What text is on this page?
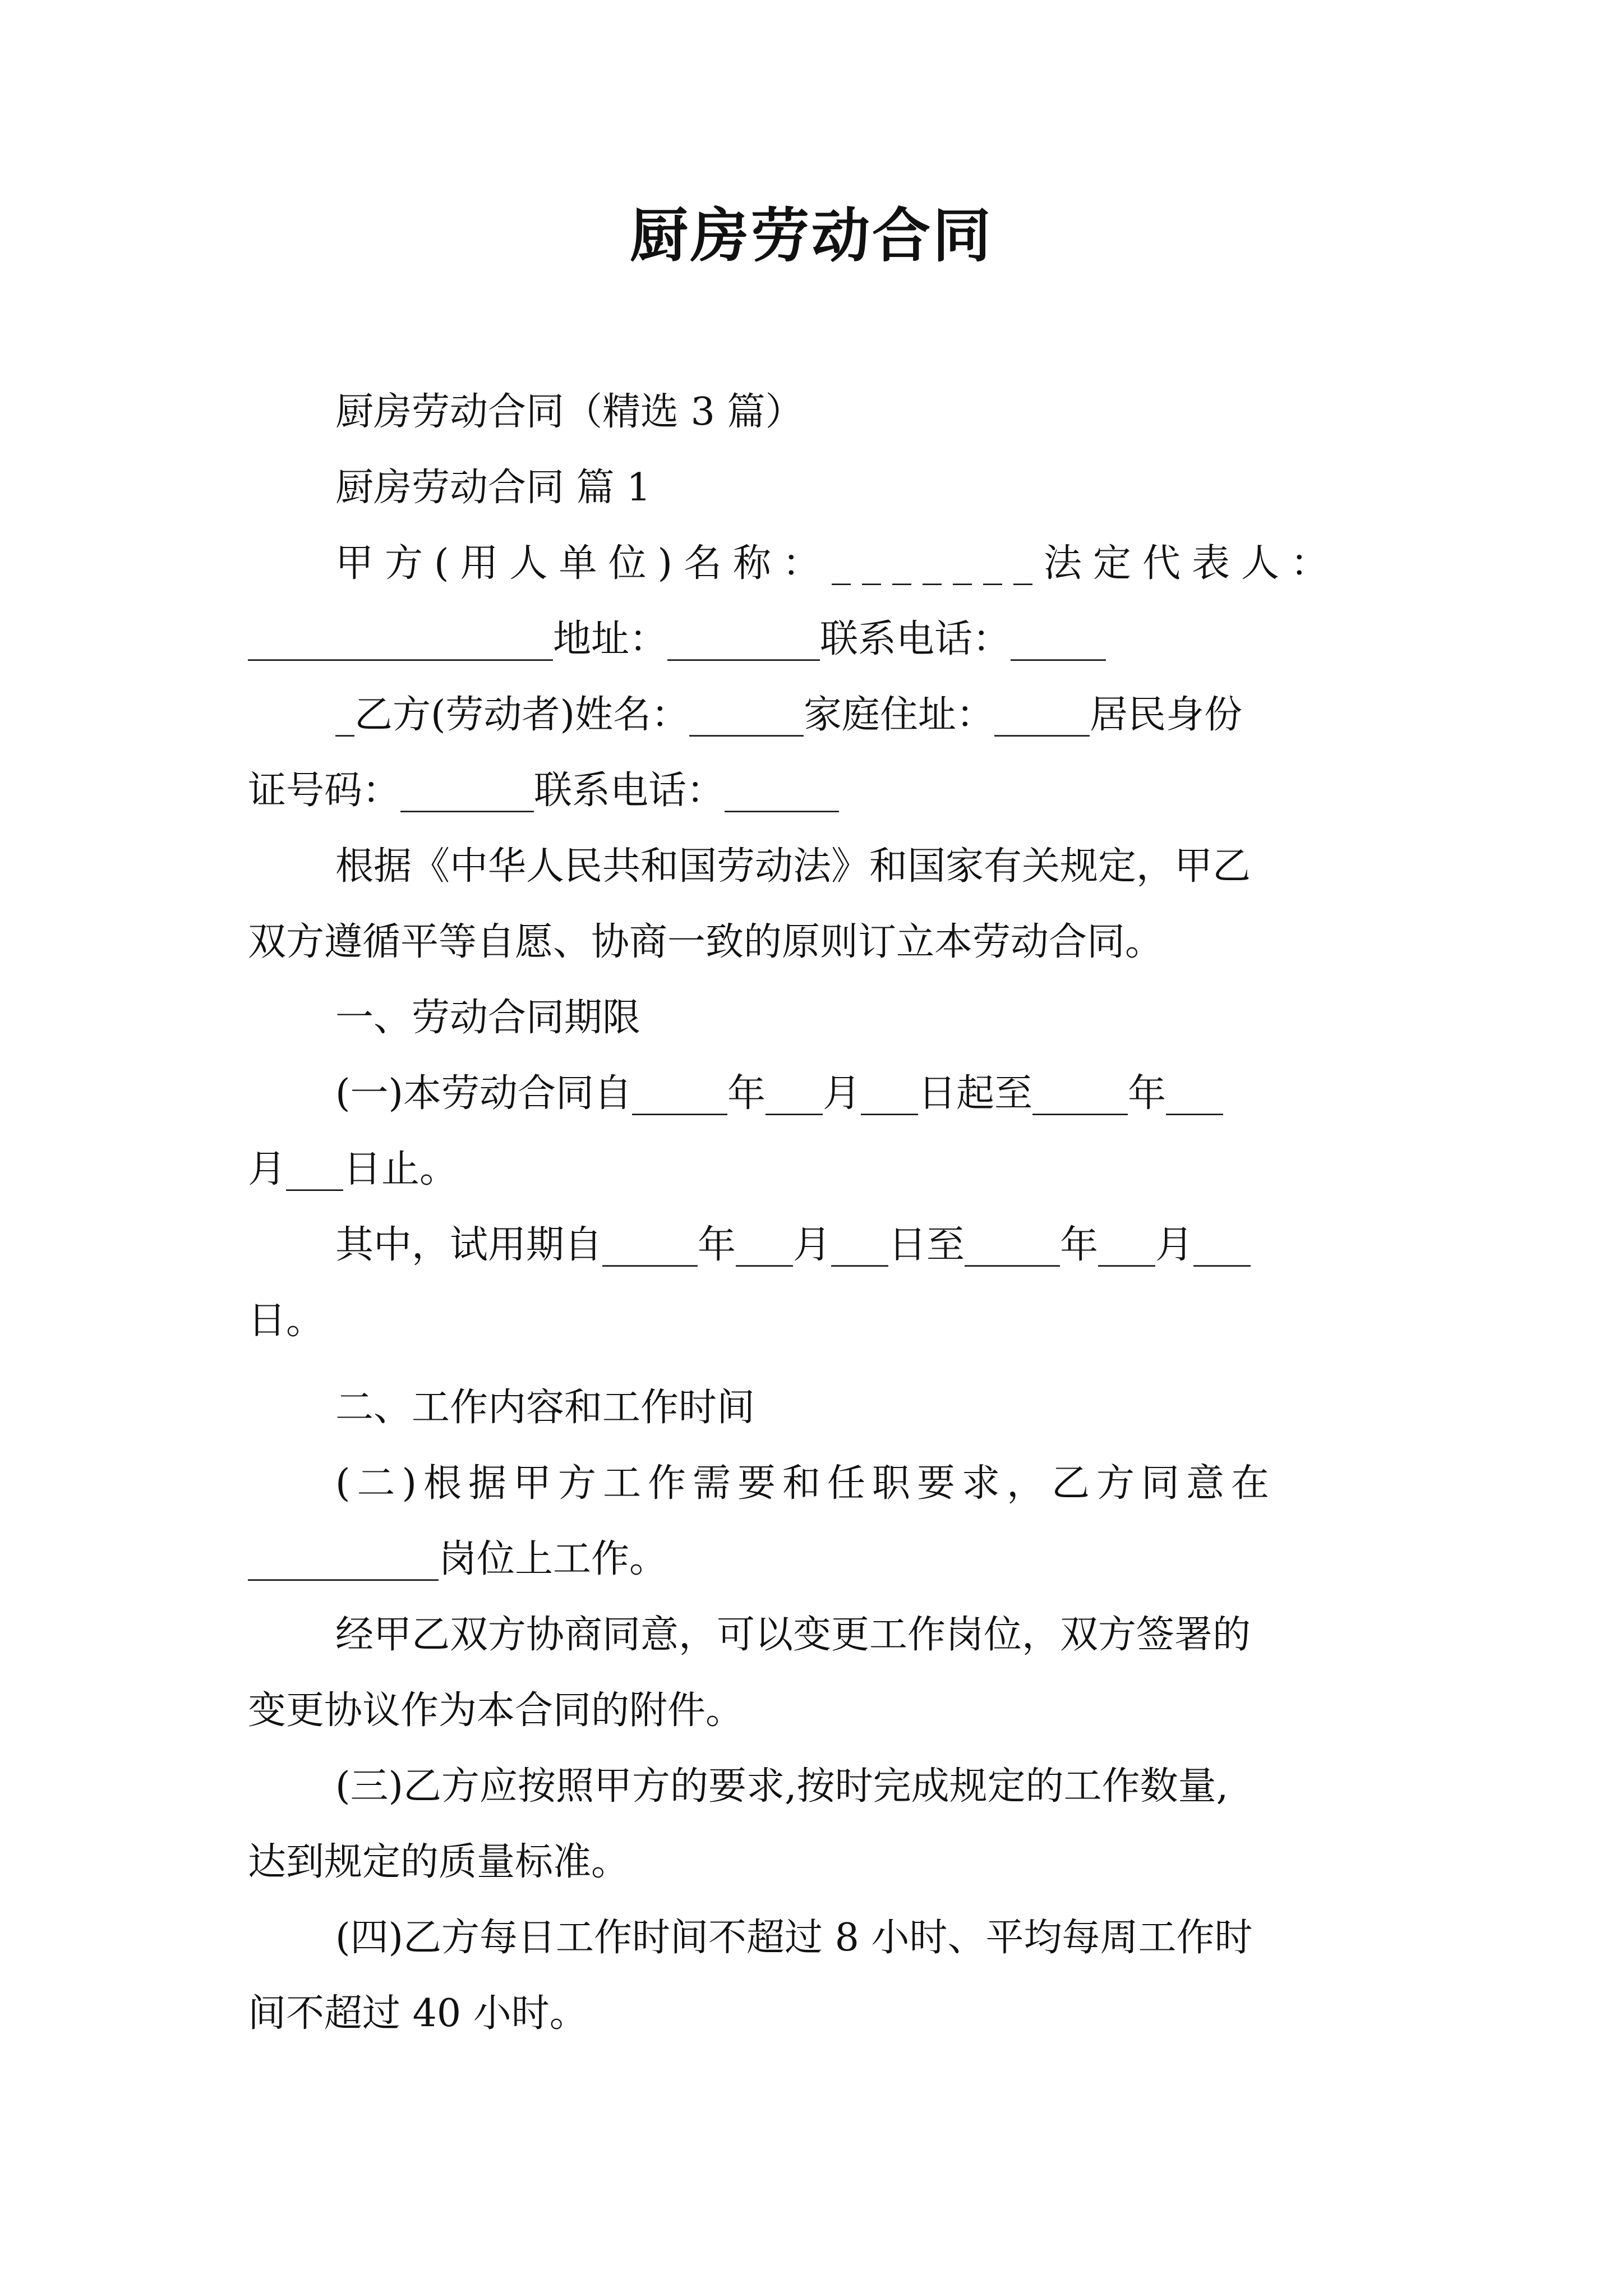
厨房劳动合同
厨房劳动合同（精选 3 篇）
厨房劳动合同 篇 1
甲方(用人单位)名称：_______法定代表人：
________________地址：________联系电话：_____
_乙方(劳动者)姓名：______家庭住址：_____居民身份
证号码：_______联系电话：______
根据《中华人民共和国劳动法》和国家有关规定，甲乙
双方遵循平等自愿、协商一致的原则订立本劳动合同。
一、劳动合同期限
(一)本劳动合同自_____年___月___日起至_____年___
月___日止。
其中，试用期自_____年___月___日至_____年___月___
日。
二、工作内容和工作时间
(二)根据甲方工作需要和任职要求，乙方同意在
__________岗位上工作。
经甲乙双方协商同意，可以变更工作岗位，双方签署的
变更协议作为本合同的附件。
(三)乙方应按照甲方的要求,按时完成规定的工作数量,
达到规定的质量标准。
(四)乙方每日工作时间不超过 8 小时、平均每周工作时
间不超过 40 小时。
